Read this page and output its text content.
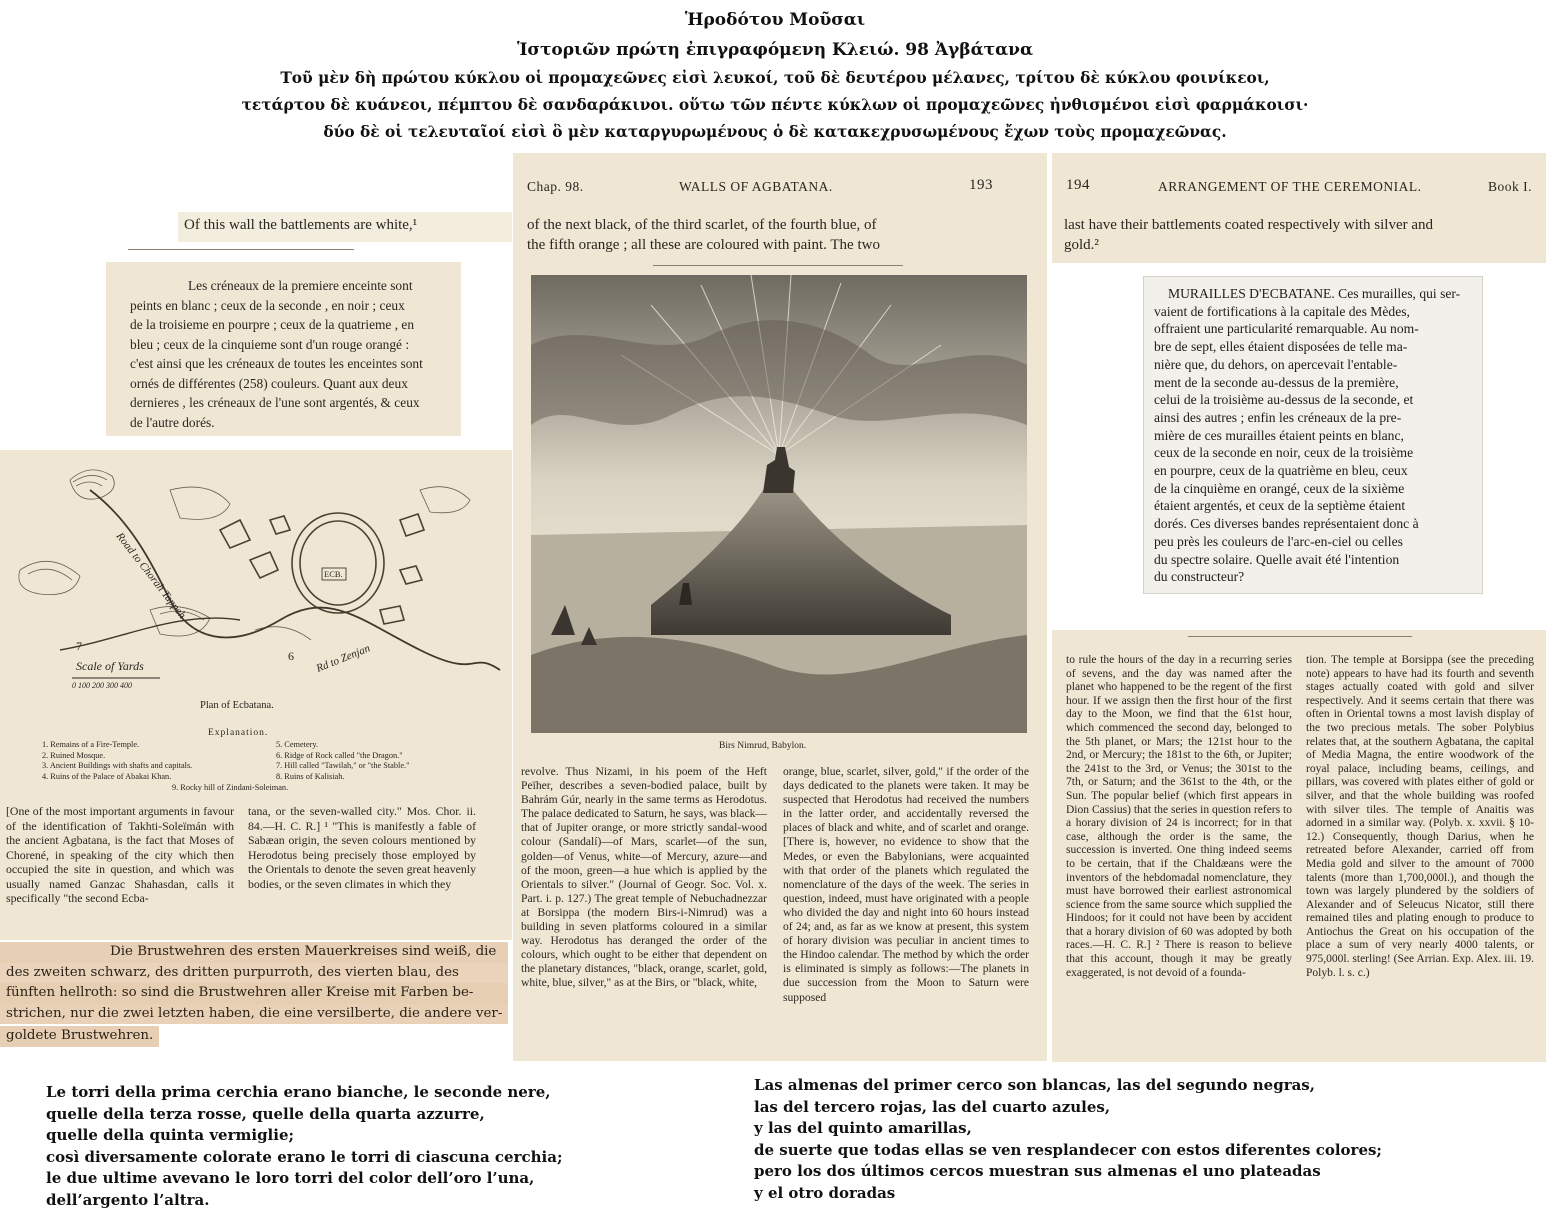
Ἡροδότου Μοῦσαι
Ἱστοριῶν πρώτη ἐπιγραφόμενη Κλειώ. 98 Ἀγβάτανα
Τοῦ μὲν δὴ πρώτου κύκλου οἱ προμαχεῶνες εἰσὶ λευκοί, τοῦ δὲ δευτέρου μέλανες, τρίτου δὲ κύκλου φοινίκεοι,
τετάρτου δὲ κυάνεοι, πέμπτου δὲ σανδαράκινοι. οὕτω τῶν πέντε κύκλων οἱ προμαχεῶνες ἠνθισμένοι εἰσὶ φαρμάκοισι·
δύο δὲ οἱ τελευταῖοί εἰσὶ ὃ μὲν καταργυρωμένους ὁ δὲ κατακεχρυσωμένους ἔχων τοὺς προμαχεῶνας.
Of this wall the battlements are white,¹
Les créneaux de la premiere enceinte sont
peints en blanc ; ceux de la seconde , en noir ; ceux
de la troisieme en pourpre ; ceux de la quatrieme , en
bleu ; ceux de la cinquieme sont d'un rouge orangé :
c'est ainsi que les créneaux de toutes les enceintes sont
ornés de différentes (258) couleurs. Quant aux deux
dernieres , les créneaux de l'une sont argentés, & ceux
de l'autre dorés.
Road to Chorah Tappeh	ECB.
7
6
Scale of Yards
0 100 200 300 400
Rd to Zenjan
Plan of Ecbatana.
Explanation.
1. Remains of a Fire-Temple.
2. Ruined Mosque.
3. Ancient Buildings with shafts and capitals.
4. Ruins of the Palace of Abakai Khan.
5. Cemetery.
6. Ridge of Rock called "the Dragon."
7. Hill called "Tawilah," or "the Stable."
8. Ruins of Kalisiah.
9. Rocky hill of Zindani-Soleiman.
[One of the most important arguments in favour of the identification of Takhti-Soleïmán with the ancient Agbatana, is the fact that Moses of Chorené, in speaking of the city which then occupied the site in question, and which was usually named Ganzac Shahasdan, calls it specifically "the second Ecba-
tana, or the seven-walled city." Mos. Chor. ii. 84.—H. C. R.] ¹ "This is manifestly a fable of Sabæan origin, the seven colours mentioned by Herodotus being precisely those employed by the Orientals to denote the seven great heavenly bodies, or the seven climates in which they
Die Brustwehren des ersten Mauerkreises sind weiß, die
des zweiten schwarz, des dritten purpurroth, des vierten blau, des
fünften hellroth: so sind die Brustwehren aller Kreise mit Farben be-
strichen, nur die zwei letzten haben, die eine versilberte, die andere ver-
goldete Brustwehren.
Chap. 98.	WALLS OF AGBATANA.	193
of the next black, of the third scarlet, of the fourth blue, of
the fifth orange ; all these are coloured with paint. The two
Birs Nimrud, Babylon.
revolve. Thus Nizami, in his poem of the Heft Peïher, describes a seven-bodied palace, built by Bahrám Gúr, nearly in the same terms as Herodotus. The palace dedicated to Saturn, he says, was black—that of Jupiter orange, or more strictly sandal-wood colour (Sandalí)—of Mars, scarlet—of the sun, golden—of Venus, white—of Mercury, azure—and of the moon, green—a hue which is applied by the Orientals to silver." (Journal of Geogr. Soc. Vol. x. Part. i. p. 127.) The great temple of Nebuchadnezzar at Borsippa (the modern Birs-i-Nimrud) was a building in seven platforms coloured in a similar way. Herodotus has deranged the order of the colours, which ought to be either that dependent on the planetary distances, "black, orange, scarlet, gold, white, blue, silver," as at the Birs, or "black, white,
orange, blue, scarlet, silver, gold," if the order of the days dedicated to the planets were taken. It may be suspected that Herodotus had received the numbers in the latter order, and accidentally reversed the places of black and white, and of scarlet and orange. [There is, however, no evidence to show that the Medes, or even the Babylonians, were acquainted with that order of the planets which regulated the nomenclature of the days of the week. The series in question, indeed, must have originated with a people who divided the day and night into 60 hours instead of 24; and, as far as we know at present, this system of horary division was peculiar in ancient times to the Hindoo calendar. The method by which the order is eliminated is simply as follows:—The planets in due succession from the Moon to Saturn were supposed
194	ARRANGEMENT OF THE CEREMONIAL.	Book I.
last have their battlements coated respectively with silver and
gold.²
MURAILLES D'ECBATANE. Ces murailles, qui ser-
vaient de fortifications à la capitale des Mèdes,
offraient une particularité remarquable. Au nom-
bre de sept, elles étaient disposées de telle ma-
nière que, du dehors, on apercevait l'entable-
ment de la seconde au-dessus de la première,
celui de la troisième au-dessus de la seconde, et
ainsi des autres ; enfin les créneaux de la pre-
mière de ces murailles étaient peints en blanc,
ceux de la seconde en noir, ceux de la troisième
en pourpre, ceux de la quatrième en bleu, ceux
de la cinquième en orangé, ceux de la sixième
étaient argentés, et ceux de la septième étaient
dorés. Ces diverses bandes représentaient donc à
peu près les couleurs de l'arc-en-ciel ou celles
du spectre solaire. Quelle avait été l'intention
du constructeur?
to rule the hours of the day in a recurring series of sevens, and the day was named after the planet who happened to be the regent of the first hour. If we assign then the first hour of the first day to the Moon, we find that the 61st hour, which commenced the second day, belonged to the 5th planet, or Mars; the 121st hour to the 2nd, or Mercury; the 181st to the 6th, or Jupiter; the 241st to the 3rd, or Venus; the 301st to the 7th, or Saturn; and the 361st to the 4th, or the Sun. The popular belief (which first appears in Dion Cassius) that the series in question refers to a horary division of 24 is incorrect; for in that case, although the order is the same, the succession is inverted. One thing indeed seems to be certain, that if the Chaldæans were the inventors of the hebdomadal nomenclature, they must have borrowed their earliest astronomical science from the same source which supplied the Hindoos; for it could not have been by accident that a horary division of 60 was adopted by both races.—H. C. R.] ² There is reason to believe that this account, though it may be greatly exaggerated, is not devoid of a founda-
tion. The temple at Borsippa (see the preceding note) appears to have had its fourth and seventh stages actually coated with gold and silver respectively. And it seems certain that there was often in Oriental towns a most lavish display of the two precious metals. The sober Polybius relates that, at the southern Agbatana, the capital of Media Magna, the entire woodwork of the royal palace, including beams, ceilings, and pillars, was covered with plates either of gold or silver, and that the whole building was roofed with silver tiles. The temple of Anaitis was adorned in a similar way. (Polyb. x. xxvii. § 10-12.) Consequently, though Darius, when he retreated before Alexander, carried off from Media gold and silver to the amount of 7000 talents (more than 1,700,000l.), and though the town was largely plundered by the soldiers of Alexander and of Seleucus Nicator, still there remained tiles and plating enough to produce to Antiochus the Great on his occupation of the place a sum of very nearly 4000 talents, or 975,000l. sterling! (See Arrian. Exp. Alex. iii. 19. Polyb. l. s. c.)
Le torri della prima cerchia erano bianche, le seconde nere,
quelle della terza rosse, quelle della quarta azzurre,
quelle della quinta vermiglie;
così diversamente colorate erano le torri di ciascuna cerchia;
le due ultime avevano le loro torri del color dell’oro l’una,
dell’argento l’altra.
Las almenas del primer cerco son blancas, las del segundo negras,
las del tercero rojas, las del cuarto azules,
y las del quinto amarillas,
de suerte que todas ellas se ven resplandecer con estos diferentes colores;
pero los dos últimos cercos muestran sus almenas el uno plateadas
y el otro doradas
